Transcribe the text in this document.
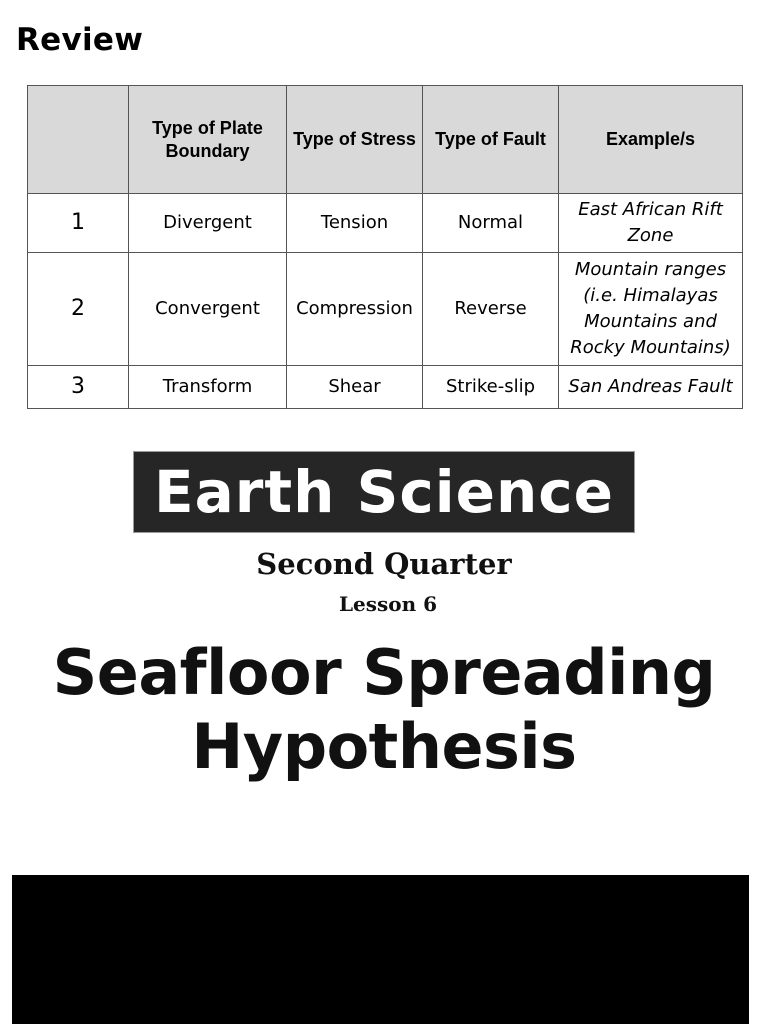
Review
	Type of Plate Boundary	Type of Stress	Type of Fault	Example/s
1	Divergent	Tension	Normal	East African Rift Zone
2	Convergent	Compression	Reverse	Mountain ranges (i.e. Himalayas Mountains and Rocky Mountains)
3	Transform	Shear	Strike-slip	San Andreas Fault
Earth Science
Second Quarter
Lesson 6
Seafloor Spreading Hypothesis
